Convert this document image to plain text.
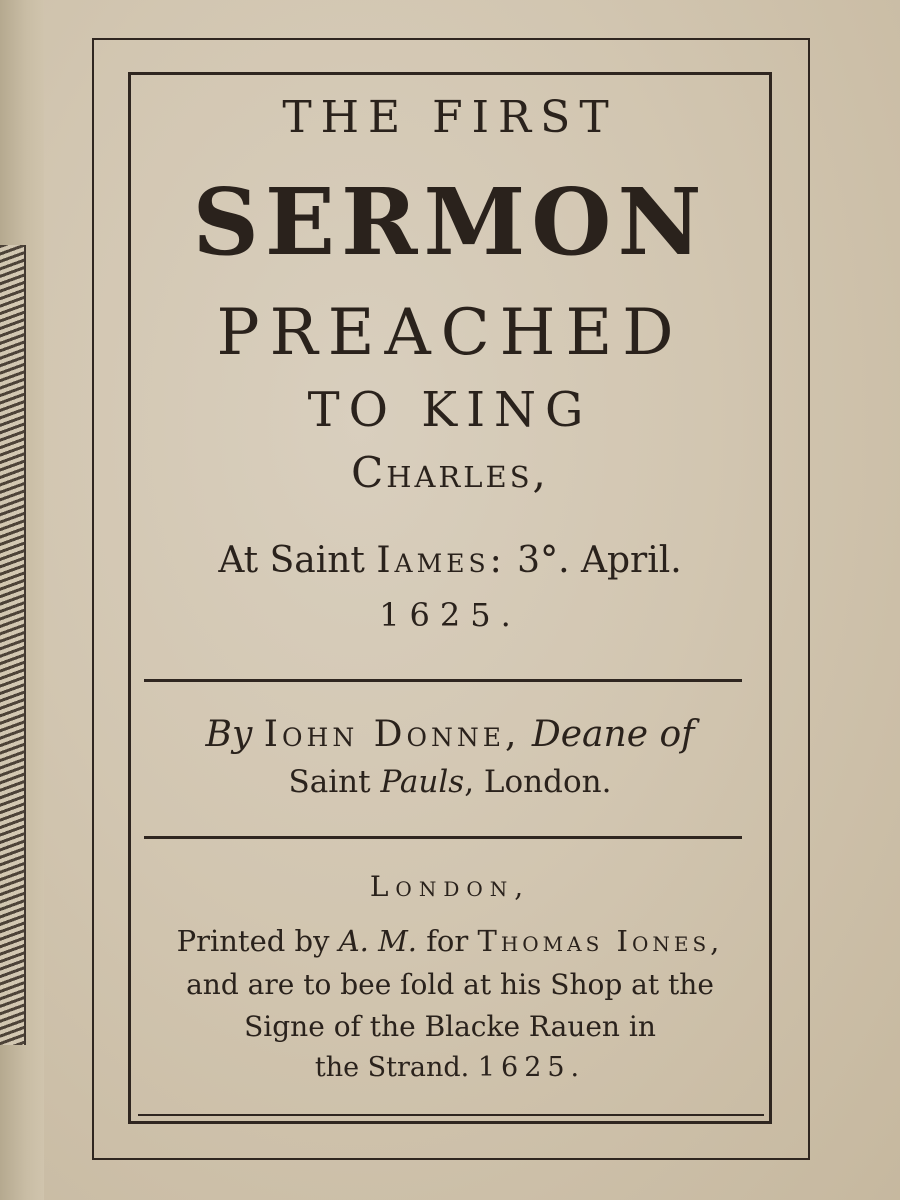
THE FIRST
SERMON
PREACHED
TO KING
Charles,
At Saint Iames: 3°. April.
1625.
By Iohn Donne, Deane of
Saint Pauls, London.
London,
Printed by A. M. for Thomas Iones,
and are to bee ſold at his Shop at the
Signe of the Blacke Rauen in
the Strand. 1625.
